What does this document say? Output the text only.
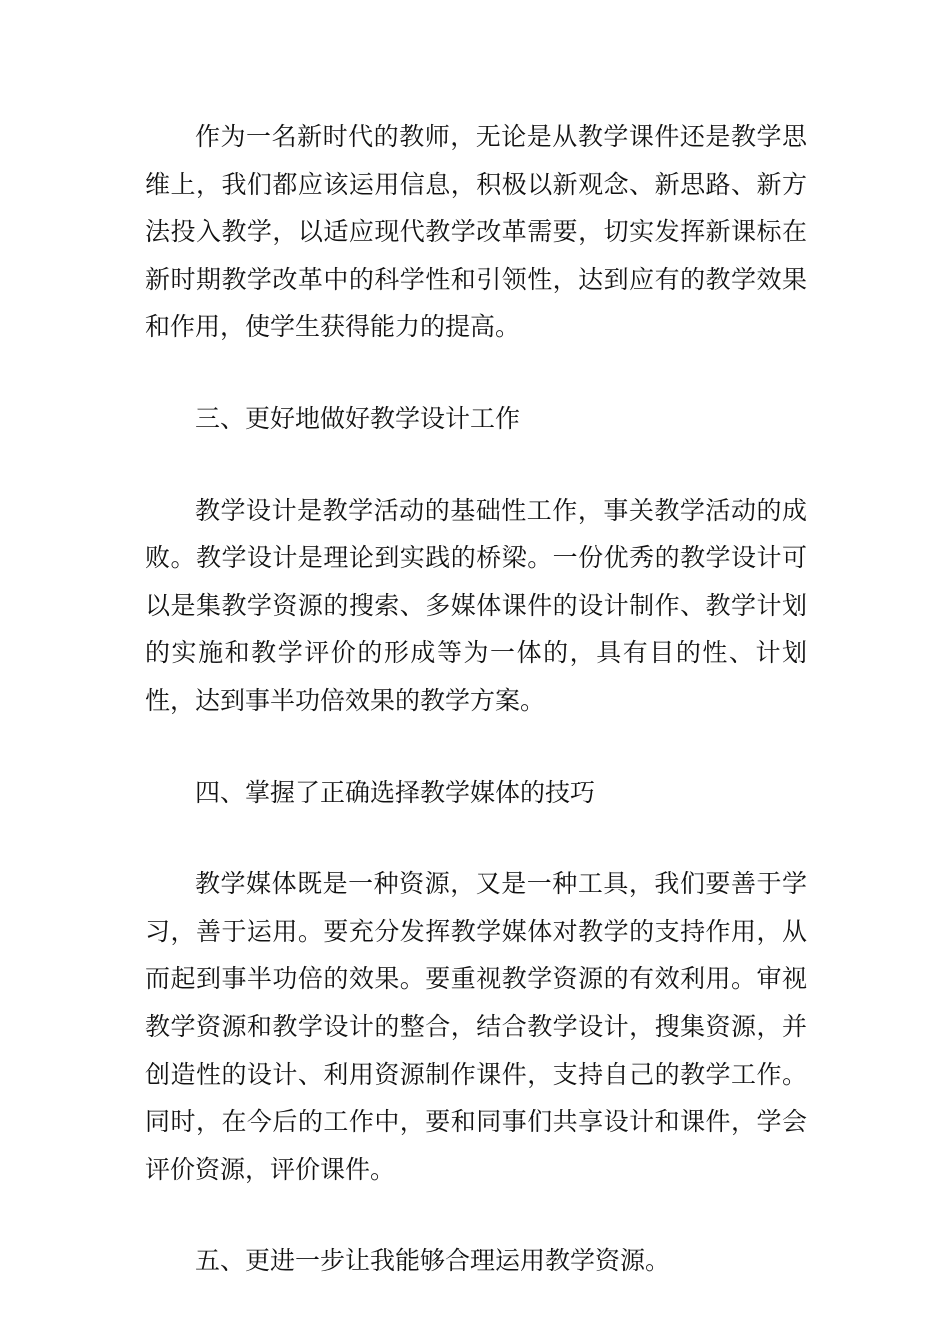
作为一名新时代的教师，无论是从教学课件还是教学思维上，我们都应该运用信息，积极以新观念、新思路、新方法投入教学，以适应现代教学改革需要，切实发挥新课标在新时期教学改革中的科学性和引领性，达到应有的教学效果和作用，使学生获得能力的提高。

三、更好地做好教学设计工作

教学设计是教学活动的基础性工作，事关教学活动的成败。教学设计是理论到实践的桥梁。一份优秀的教学设计可以是集教学资源的搜索、多媒体课件的设计制作、教学计划的实施和教学评价的形成等为一体的，具有目的性、计划性，达到事半功倍效果的教学方案。

四、掌握了正确选择教学媒体的技巧

教学媒体既是一种资源，又是一种工具，我们要善于学习，善于运用。要充分发挥教学媒体对教学的支持作用，从而起到事半功倍的效果。要重视教学资源的有效利用。审视教学资源和教学设计的整合，结合教学设计，搜集资源，并创造性的设计、利用资源制作课件，支持自己的教学工作。同时，在今后的工作中，要和同事们共享设计和课件，学会评价资源，评价课件。

五、更进一步让我能够合理运用教学资源。
